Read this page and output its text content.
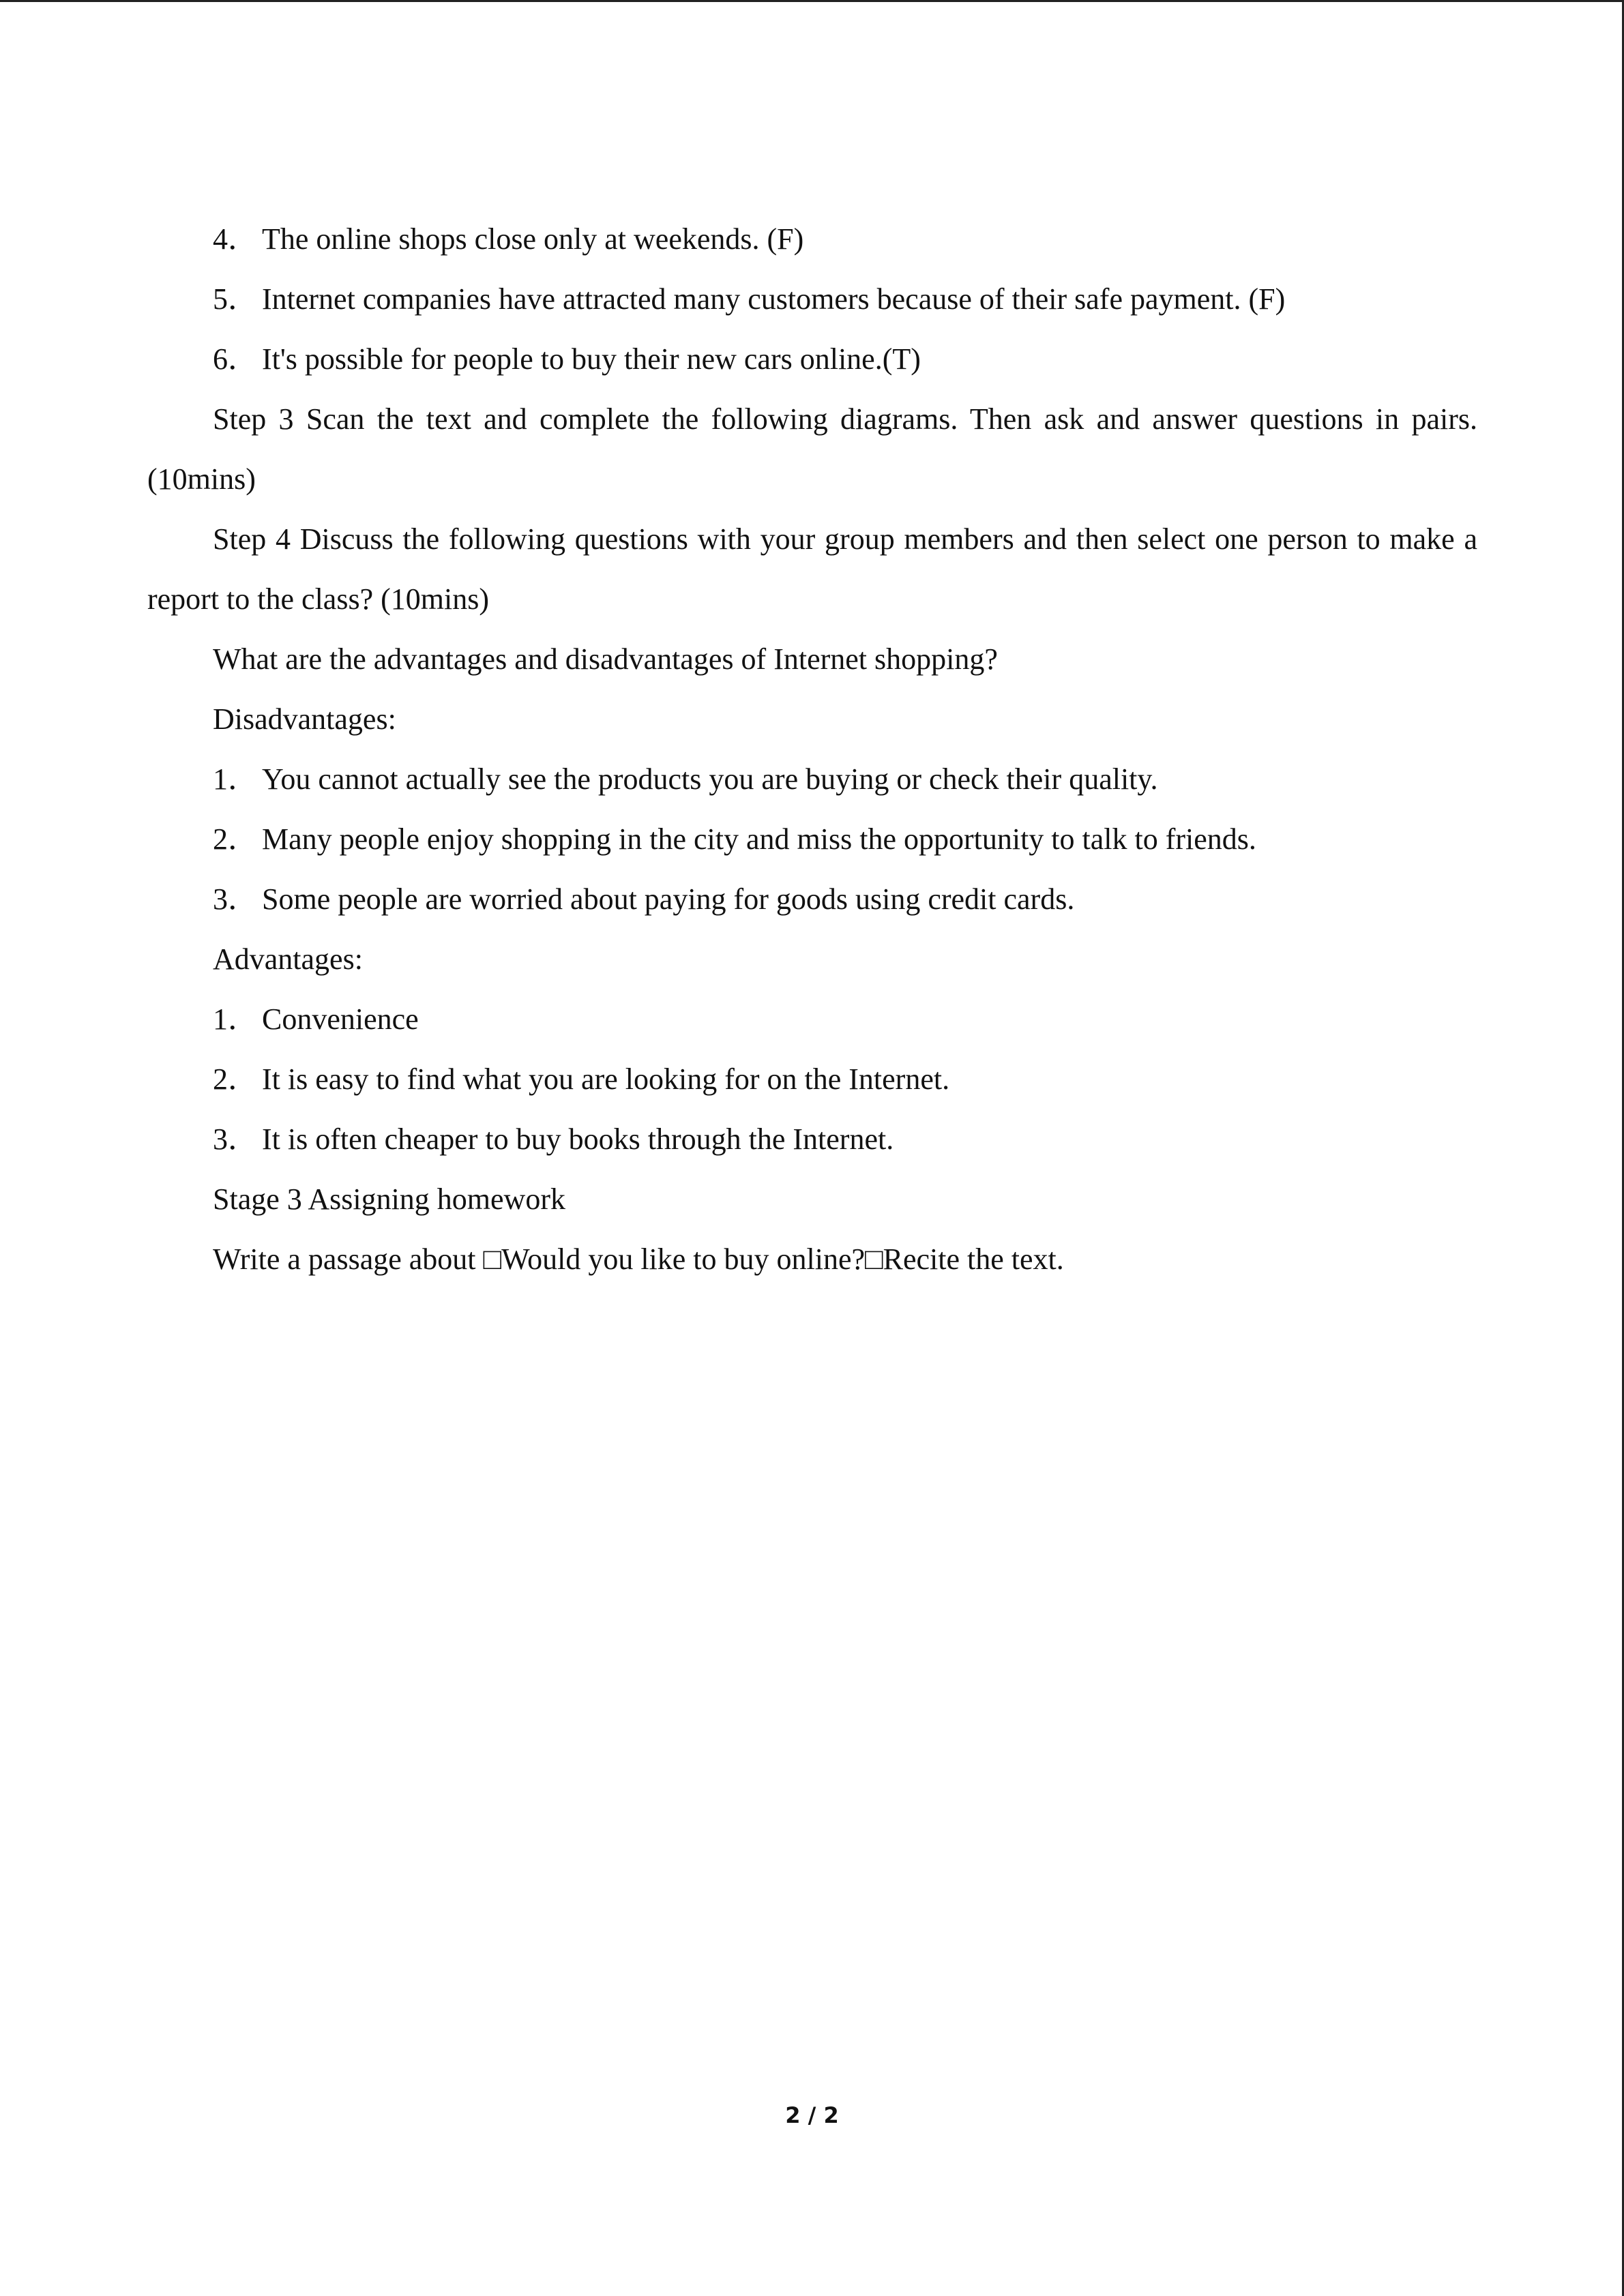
4． The online shops close only at weekends. (F)

5． Internet companies have attracted many customers because of their safe payment. (F)

6． It's possible for people to buy their new cars online.(T)

Step 3 Scan the text and complete the following diagrams. Then ask and answer questions in pairs. (10mins)

Step 4 Discuss the following questions with your group members and then select one person to make a report to the class? (10mins)

What are the advantages and disadvantages of Internet shopping?

Disadvantages:

1． You cannot actually see the products you are buying or check their quality.

2． Many people enjoy shopping in the city and miss the opportunity to talk to friends.

3． Some people are worried about paying for goods using credit cards.

Advantages:

1． Convenience

2． It is easy to find what you are looking for on the Internet.

3． It is often cheaper to buy books through the Internet.

Stage 3 Assigning homework

Write a passage about □Would you like to buy online?□Recite the text.

2 / 2
